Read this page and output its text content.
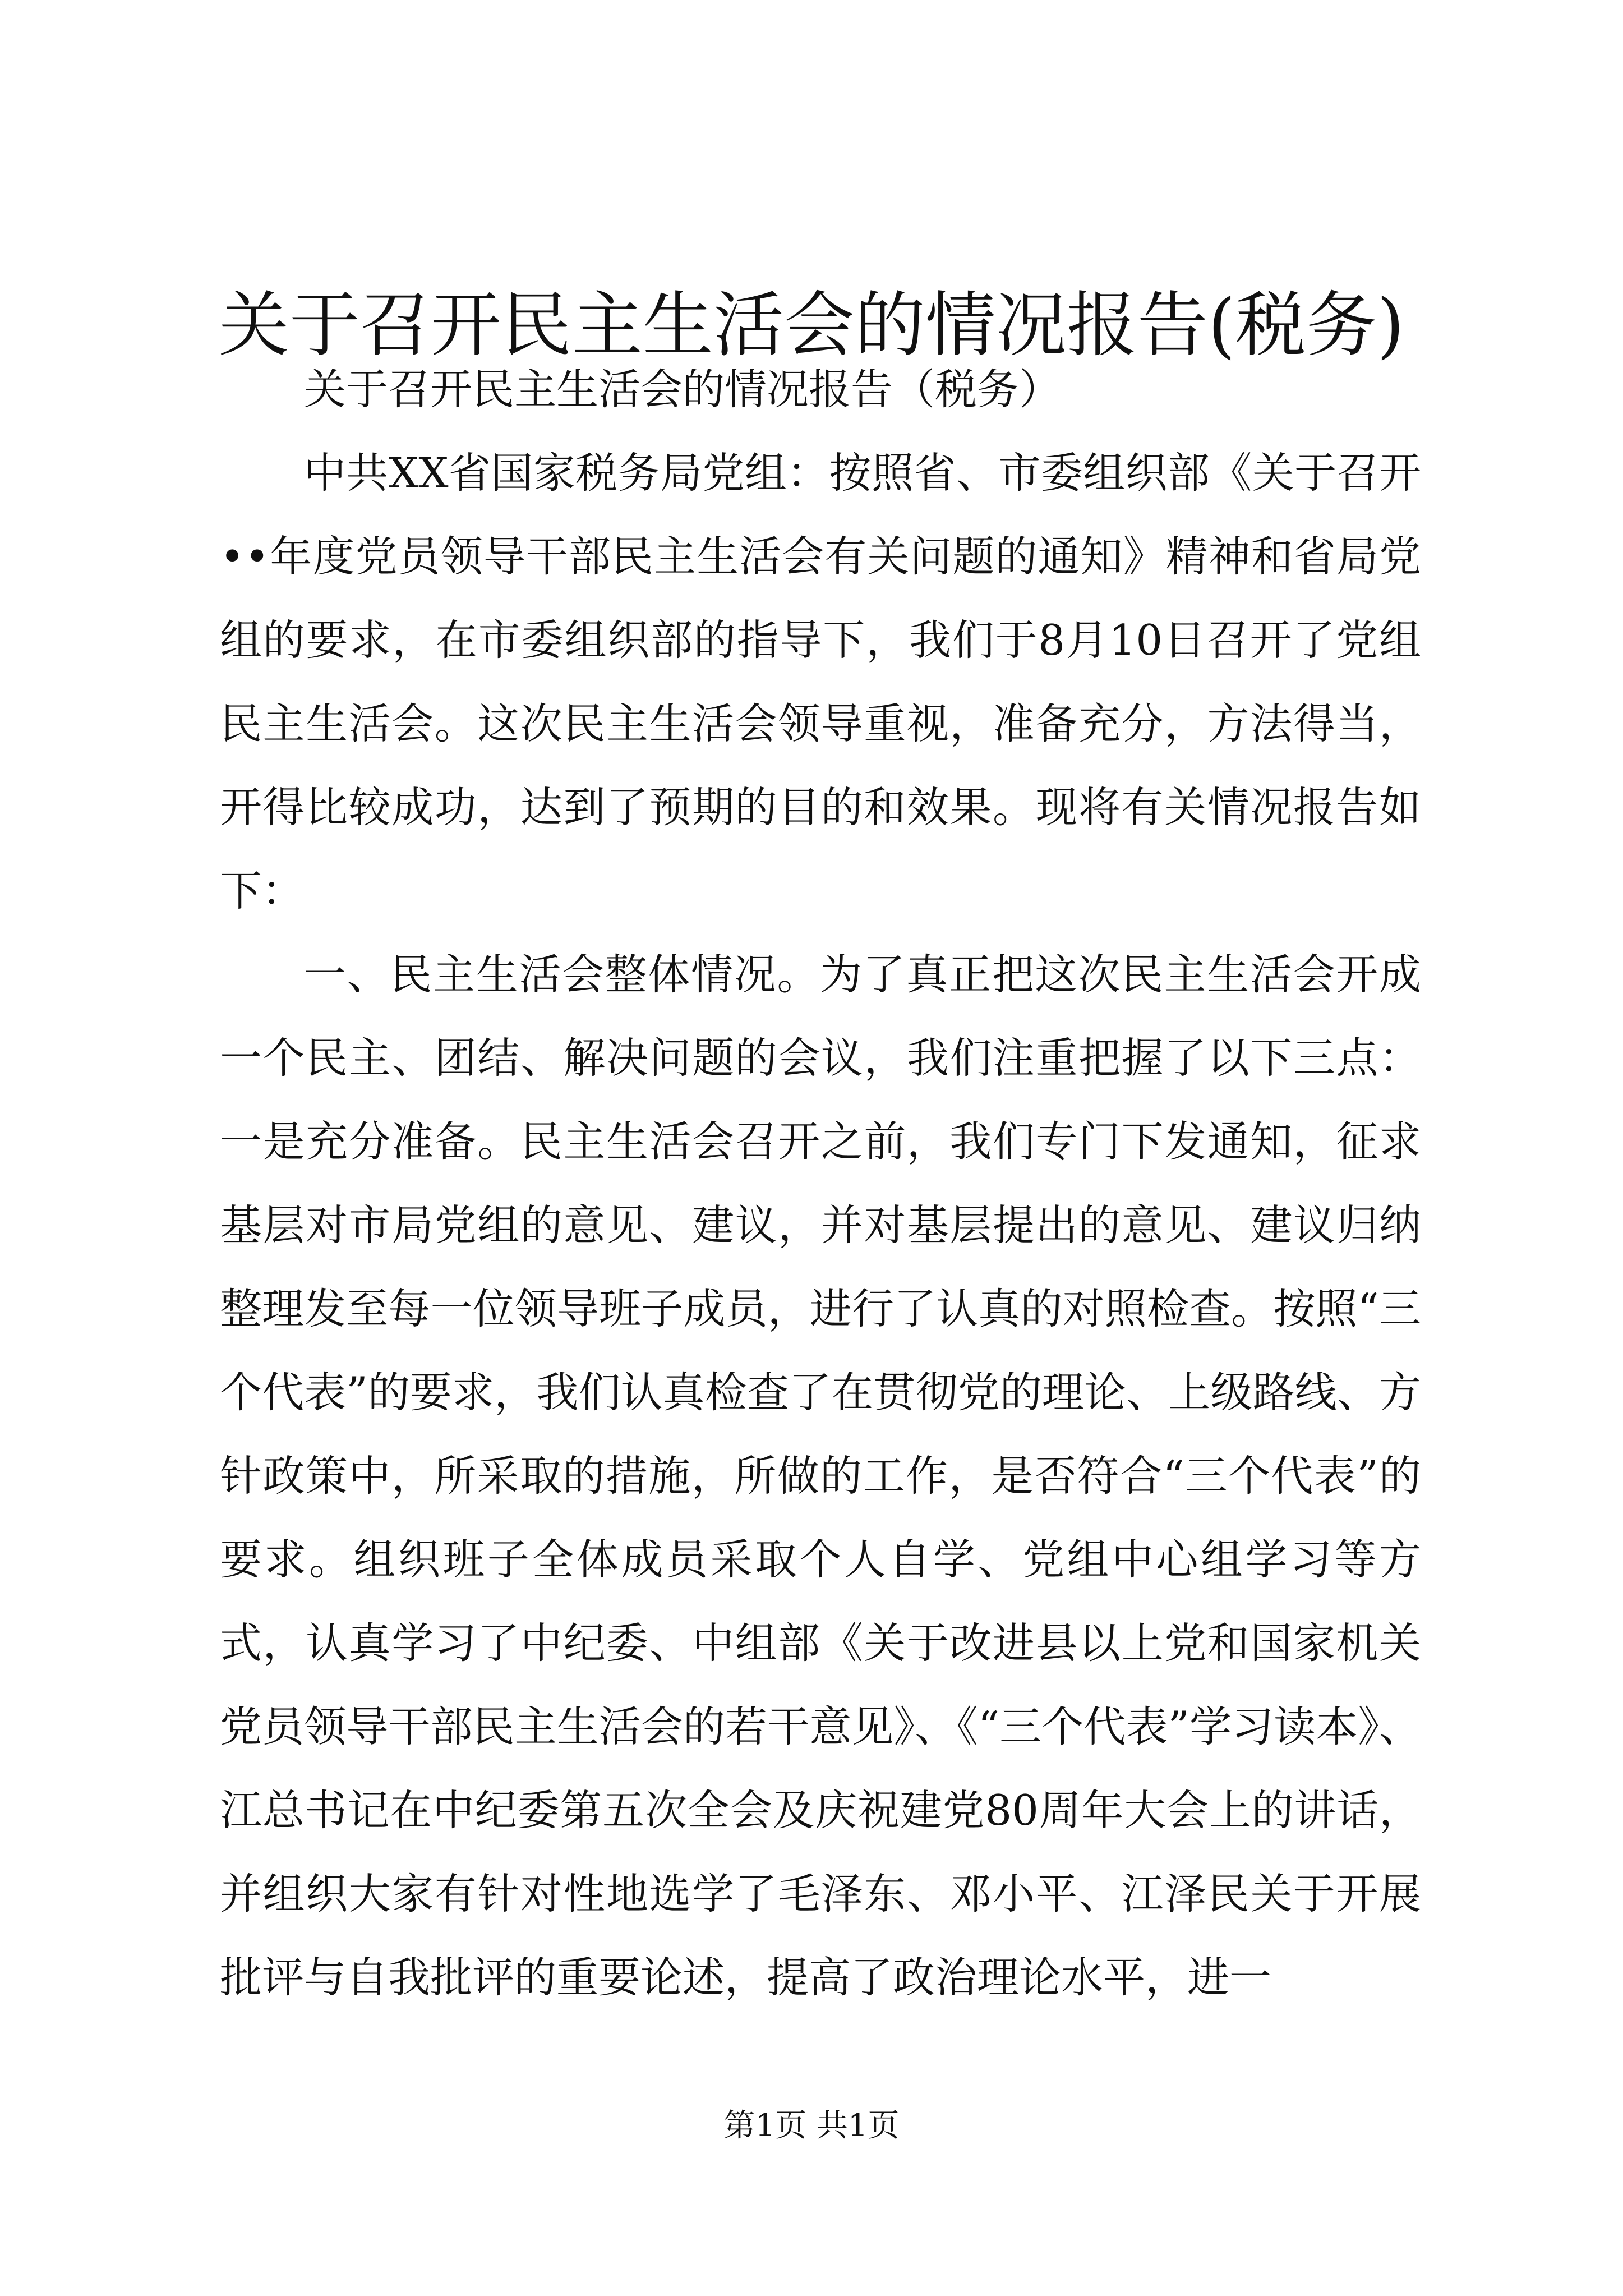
关于召开民主生活会的情况报告(税务)

关于召开民主生活会的情况报告（税务）

中共XX省国家税务局党组：按照省、市委组织部《关于召开••年度党员领导干部民主生活会有关问题的通知》精神和省局党组的要求，在市委组织部的指导下，我们于8月10日召开了党组民主生活会。这次民主生活会领导重视，准备充分，方法得当，开得比较成功，达到了预期的目的和效果。现将有关情况报告如下：

一、民主生活会整体情况。为了真正把这次民主生活会开成一个民主、团结、解决问题的会议，我们注重把握了以下三点：一是充分准备。民主生活会召开之前，我们专门下发通知，征求基层对市局党组的意见、建议，并对基层提出的意见、建议归纳整理发至每一位领导班子成员，进行了认真的对照检查。按照“三个代表”的要求，我们认真检查了在贯彻党的理论、上级路线、方针政策中，所采取的措施，所做的工作，是否符合“三个代表”的要求。组织班子全体成员采取个人自学、党组中心组学习等方式，认真学习了中纪委、中组部《关于改进县以上党和国家机关党员领导干部民主生活会的若干意见》、《“三个代表”学习读本》、江总书记在中纪委第五次全会及庆祝建党80周年大会上的讲话，并组织大家有针对性地选学了毛泽东、邓小平、江泽民关于开展批评与自我批评的重要论述，提高了政治理论水平，进一

第1页 共1页
